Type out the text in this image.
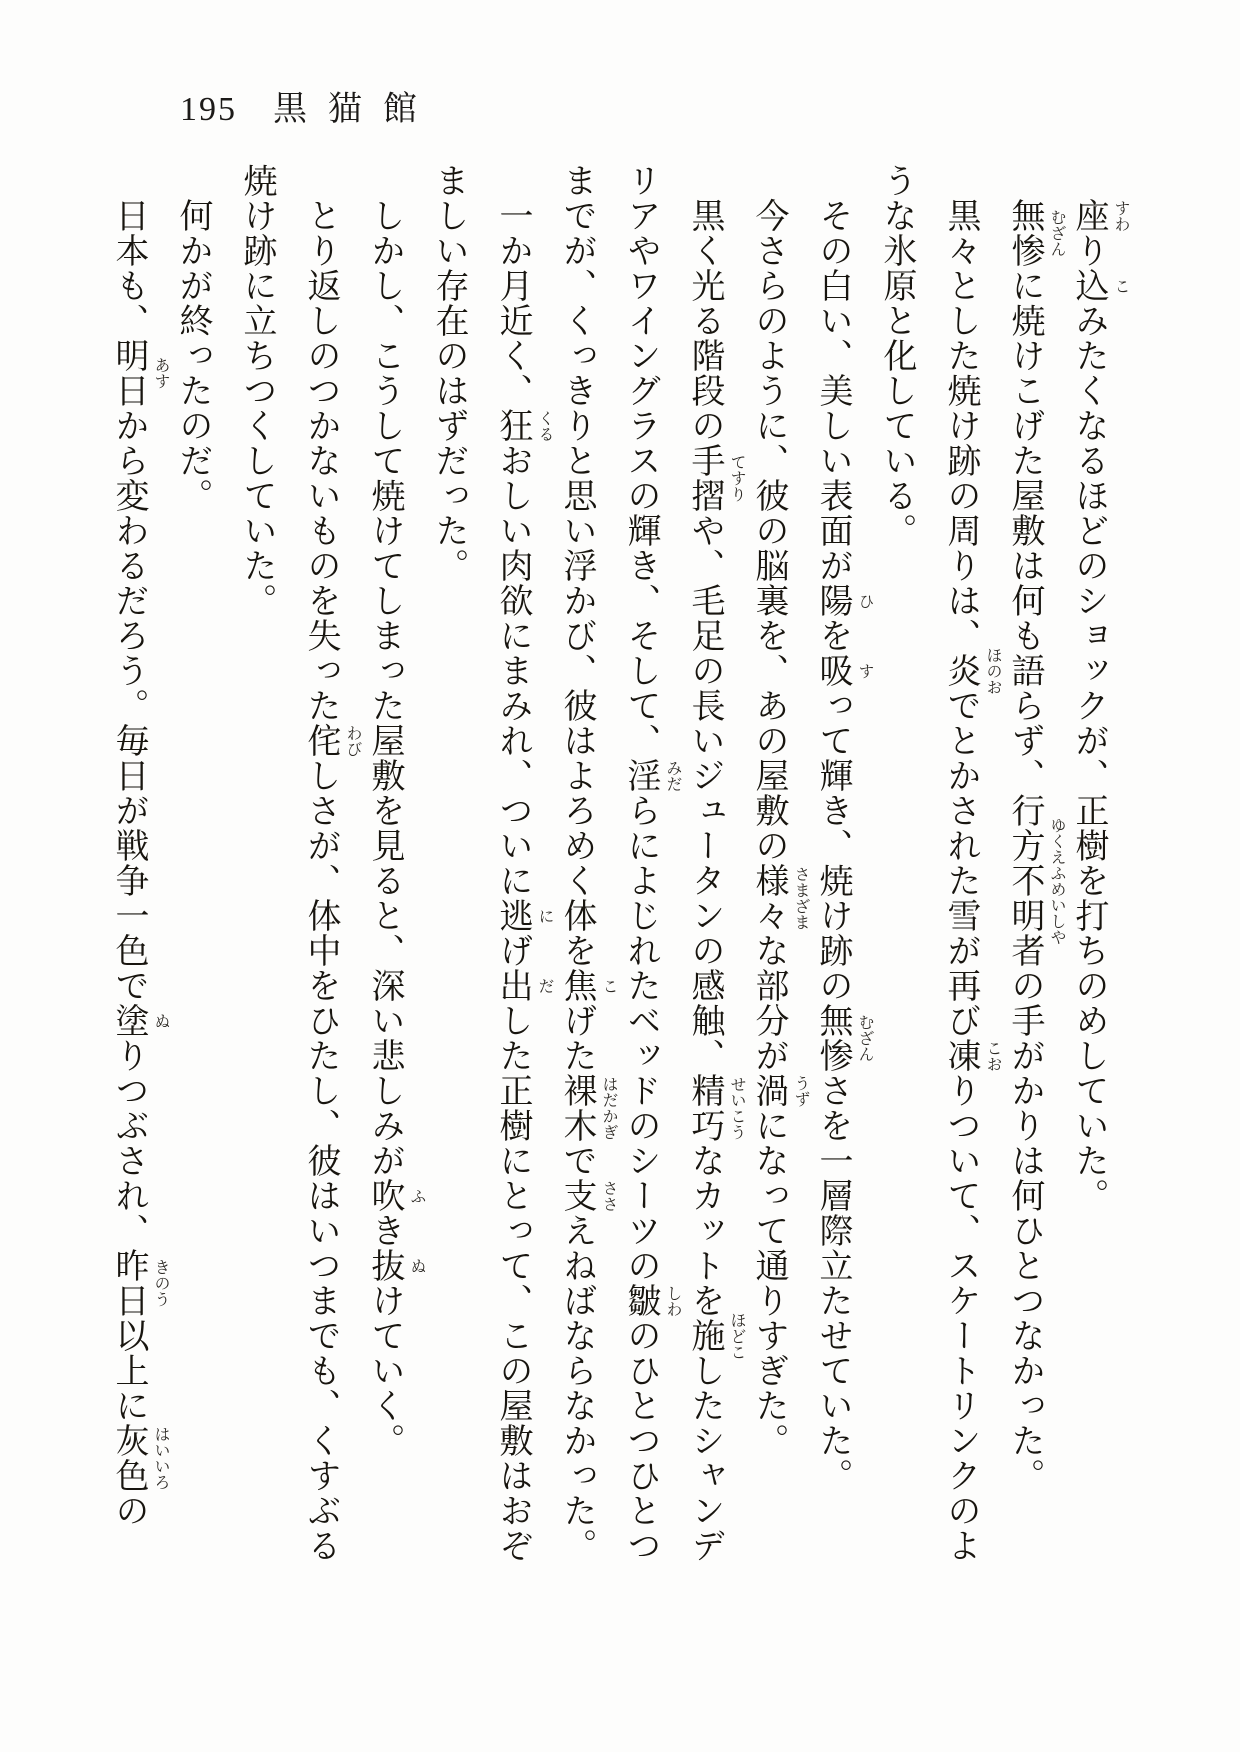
195 黒猫館
座 すわ
り込 こ
みたくなるほどのショックが、正樹を打ちのめしていた。
無惨 むざん
に焼けこげた屋敷は何も語らず、行方不明者 ゆくえふめいしや
の手がかりは何ひとつなかった。
黒々とした焼け跡の周りは、炎 ほのお
でとかされた雪が再び凍 こお
りついて、スケートリンクのよ
うな氷原と化している。
その白い、美しい表面が陽 ひ
を吸 す
って輝き、焼け跡の無惨 むざん
さを一層際立たせていた。
今さらのように、彼の脳裏を、あの屋敷の様々 さまざま
な部分が渦 うず
になって通りすぎた。
黒く光る階段の手摺 てすり
や、毛足の長いジュータンの感触、精巧 せいこう
なカットを施 ほどこ
したシャンデ
リアやワイングラスの輝き、そして、淫 みだ
らによじれたベッドのシーツの皺 しわ
のひとつひとつ
までが、くっきりと思い浮かび、彼はよろめく体を焦 こ
げた裸木 はだかぎ
で支 ささ
えねばならなかった。
一か月近く、狂 くる
おしい肉欲にまみれ、ついに逃 に
げ出 だ
した正樹にとって、この屋敷はおぞ
ましい存在のはずだった。
しかし、こうして焼けてしまった屋敷を見ると、深い悲しみが吹 ふ
き抜 ぬ
けていく。
とり返しのつかないものを失った侘 わび
しさが、体中をひたし、彼はいつまでも、くすぶる
焼け跡に立ちつくしていた。
何かが終ったのだ。
日本も、明日 あす
から変わるだろう。毎日が戦争一色で塗 ぬ
りつぶされ、昨日 きのう
以上に灰色 はいいろ
の
